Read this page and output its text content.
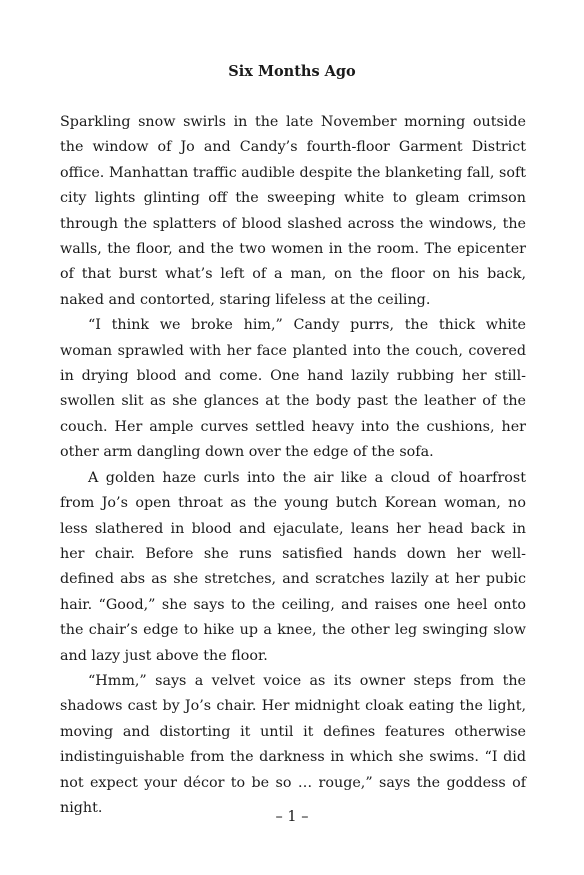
Six Months Ago

Sparkling snow swirls in the late November morning outside the window of Jo and Candy’s fourth-floor Garment District office. Manhattan traffic audible despite the blanketing fall, soft city lights glinting off the sweeping white to gleam crimson through the splatters of blood slashed across the windows, the walls, the floor, and the two women in the room. The epicenter of that burst what’s left of a man, on the floor on his back, naked and contorted, staring lifeless at the ceiling.

“I think we broke him,” Candy purrs, the thick white woman sprawled with her face planted into the couch, covered in drying blood and come. One hand lazily rubbing her still-swollen slit as she glances at the body past the leather of the couch. Her ample curves settled heavy into the cushions, her other arm dangling down over the edge of the sofa.

A golden haze curls into the air like a cloud of hoarfrost from Jo’s open throat as the young butch Korean woman, no less slathered in blood and ejaculate, leans her head back in her chair. Before she runs satisfied hands down her well-defined abs as she stretches, and scratches lazily at her pubic hair. “Good,” she says to the ceiling, and raises one heel onto the chair’s edge to hike up a knee, the other leg swinging slow and lazy just above the floor.

“Hmm,” says a velvet voice as its owner steps from the shadows cast by Jo’s chair. Her midnight cloak eating the light, moving and distorting it until it defines features otherwise indistinguishable from the darkness in which she swims. “I did not expect your décor to be so … rouge,” says the goddess of night.

– 1 –
